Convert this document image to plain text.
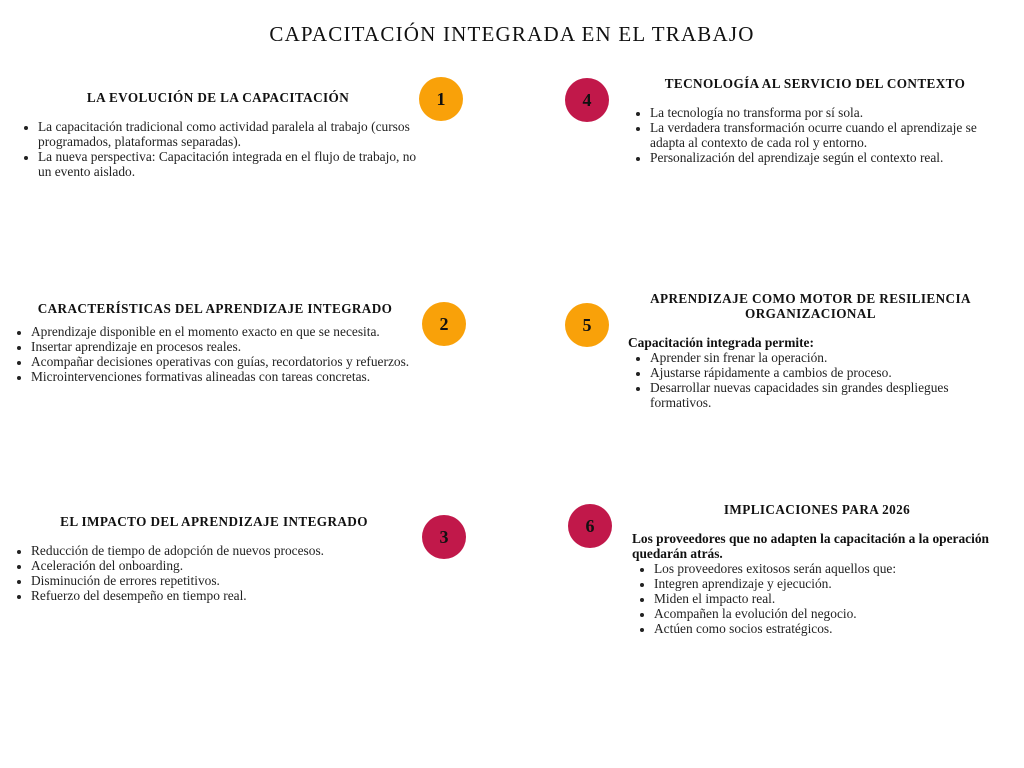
CAPACITACIÓN INTEGRADA EN EL TRABAJO
1
LA EVOLUCIÓN DE LA CAPACITACIÓN
La capacitación tradicional como actividad paralela al trabajo (cursos programados, plataformas separadas).
La nueva perspectiva: Capacitación integrada en el flujo de trabajo, no un evento aislado.
2
CARACTERÍSTICAS DEL APRENDIZAJE INTEGRADO
Aprendizaje disponible en el momento exacto en que se necesita.
Insertar aprendizaje en procesos reales.
Acompañar decisiones operativas con guías, recordatorios y refuerzos.
Microintervenciones formativas alineadas con tareas concretas.
3
EL IMPACTO DEL APRENDIZAJE INTEGRADO
Reducción de tiempo de adopción de nuevos procesos.
Aceleración del onboarding.
Disminución de errores repetitivos.
Refuerzo del desempeño en tiempo real.
4
TECNOLOGÍA AL SERVICIO DEL CONTEXTO
La tecnología no transforma por sí sola.
La verdadera transformación ocurre cuando el aprendizaje se adapta al contexto de cada rol y entorno.
Personalización del aprendizaje según el contexto real.
5
APRENDIZAJE COMO MOTOR DE RESILIENCIA ORGANIZACIONAL
Capacitación integrada permite:
Aprender sin frenar la operación.
Ajustarse rápidamente a cambios de proceso.
Desarrollar nuevas capacidades sin grandes despliegues formativos.
6
IMPLICACIONES PARA 2026
Los proveedores que no adapten la capacitación a la operación quedarán atrás.
Los proveedores exitosos serán aquellos que:
Integren aprendizaje y ejecución.
Miden el impacto real.
Acompañen la evolución del negocio.
Actúen como socios estratégicos.
